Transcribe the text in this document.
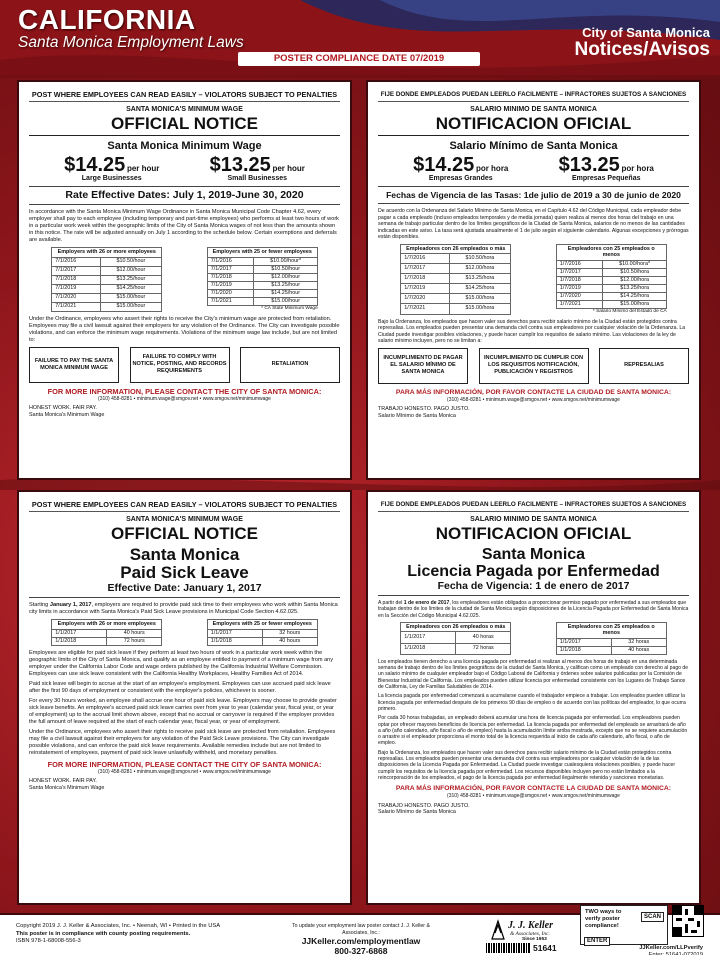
CALIFORNIA
Santa Monica Employment Laws
City of Santa Monica
Notices/Avisos
POSTER COMPLIANCE DATE 07/2019
POST WHERE EMPLOYEES CAN READ EASILY – VIOLATORS SUBJECT TO PENALTIES
SANTA MONICA'S MINIMUM WAGE
OFFICIAL NOTICE
Santa Monica Minimum Wage
$14.25 per hour
Large Businesses
$13.25 per hour
Small Businesses
Rate Effective Dates: July 1, 2019-June 30, 2020
In accordance with the Santa Monica Minimum Wage Ordinance in Santa Monica Municipal Code Chapter 4.62, every employer shall pay to each employee (including temporary and part-time employees) who performs at least two hours of work in a particular work week within the geographic limits of the City of Santa Monica wages of not less than the amounts shown in this notice. The rate will be adjusted annually on July 1 according to the schedule below. Certain exemptions and deferrals are available.
Employers with 26 or more employees	
7/1/2016	$10.50/hour
7/1/2017	$12.00/hour
7/1/2018	$13.25/hour
7/1/2019	$14.25/hour
7/1/2020	$15.00/hour
7/1/2021	$15.00/hour
Employers with 25 or fewer employees	
7/1/2016	$10.00/hour*
7/1/2017	$10.50/hour
7/1/2018	$12.00/hour
7/1/2019	$13.25/hour
7/1/2020	$14.25/hour
7/1/2021	$15.00/hour
* CA State Minimum Wage
Under the Ordinance, employees who assert their rights to receive the City's minimum wage are protected from retaliation. Employees may file a civil lawsuit against their employers for any violation of the Ordinance. The City can investigate possible violations, and can enforce the minimum wage requirements. Violations of the minimum wage law include, but are not limited to:
FAILURE TO PAY THE SANTA MONICA MINIMUM WAGE
FAILURE TO COMPLY WITH NOTICE, POSTING, AND RECORDS REQUIREMENTS
RETALIATION
FOR MORE INFORMATION, PLEASE CONTACT THE CITY OF SANTA MONICA:
(310) 458-8281 • minimum.wage@smgov.net • www.smgov.net/minimumwage
HONEST WORK. FAIR PAY.
Santa Monica's Minimum Wage
FIJE DONDE EMPLEADOS PUEDAN LEERLO FACILMENTE – INFRACTORES SUJETOS A SANCIONES
SALARIO MINIMO DE SANTA MONICA
NOTIFICACION OFICIAL
Salario Mínimo de Santa Monica
$14.25 por hora
Empresas Grandes
$13.25 por hora
Empresas Pequeñas
Fechas de Vigencia de las Tasas: 1de julio de 2019 a 30 de junio de 2020
De acuerdo con la Ordenanza del Salario Mínimo de Santa Monica, en el Capítulo 4.62 del Código Municipal, cada empleador debe pagar a cada empleado (incluso empleados temporales y de media jornada) quien realiza al menos dos horas del trabajo en una semana de trabajo particular dentro de los límites geográficos de la Ciudad de Santa Monica, salarios de no menos de las cantidades indicadas en este aviso. La tasa será ajustada anualmente el 1 de julio según el siguiente calendario. Algunas excepciones y prórrogas están disponibles.
Empleadores con 26 empleados o más	
1/7/2016	$10.50/hora
1/7/2017	$12.00/hora
1/7/2018	$13.25/hora
1/7/2019	$14.25/hora
1/7/2020	$15.00/hora
1/7/2021	$15.00/hora
Empleadores con 25 empleados o menos	
1/7/2016	$10.00/hora*
1/7/2017	$10.50/hora
1/7/2018	$12.00/hora
1/7/2019	$13.25/hora
1/7/2020	$14.25/hora
1/7/2021	$15.00/hora
* Salario Mínimo del Estado de CA
Bajo la Ordenanza, los empleados que hacen valer sus derechos para recibir salario mínimo de la Ciudad están protegidos contra represalias. Los empleados pueden presentar una demanda civil contra sus empleadores por cualquier violación de la Ordenanza. La Ciudad puede investigar posibles violaciones, y puede hacer cumplir los requisitos de salario mínimo. Las violaciones de la ley de salario mínimo incluyen, pero no se limitan a:
INCUMPLIMIENTO DE PAGAR EL SALARIO MÍNIMO DE SANTA MONICA
INCUMPLIMIENTO DE CUMPLIR CON LOS REQUISITOS NOTIFICACIÓN, PUBLICACIÓN Y REGISTROS
REPRESALIAS
PARA MÁS INFORMACIÓN, POR FAVOR CONTACTE LA CIUDAD DE SANTA MONICA:
(310) 458-8281 • minimum.wage@smgov.net • www.smgov.net/minimumwage
TRABAJO HONESTO. PAGO JUSTO.
Salario Mínimo de Santa Monica
POST WHERE EMPLOYEES CAN READ EASILY – VIOLATORS SUBJECT TO PENALTIES
SANTA MONICA'S MINIMUM WAGE
OFFICIAL NOTICE
Santa Monica
Paid Sick Leave
Effective Date: January 1, 2017
Starting January 1, 2017, employers are required to provide paid sick time to their employees who work within Santa Monica city limits in accordance with Santa Monica's Paid Sick Leave provisions in Municipal Code Section 4.62.025.
Employers with 26 or more employees	
1/1/2017	40 hours
1/1/2018	72 hours
Employers with 25 or fewer employees	
1/1/2017	32 hours
1/1/2018	40 hours
Employees are eligible for paid sick leave if they perform at least two hours of work in a particular work week within the geographic limits of the City of Santa Monica, and qualify as an employee entitled to payment of a minimum wage from any employer under the California Labor Code and wage orders published by the California Industrial Welfare Commission. Employees can use sick leave consistent with the California Healthy Workplaces, Healthy Families Act of 2014.
Paid sick leave will begin to accrue at the start of an employee's employment. Employees can use accrued paid sick leave after the first 90 days of employment or consistent with the employer's policies, whichever is sooner.
For every 30 hours worked, an employee shall accrue one hour of paid sick leave. Employers may choose to provide greater sick leave benefits. An employee's accrued paid sick leave carries over from year to year (calendar year, fiscal year, or year of employment) up to the accrual limit shown above, except that no accrual or carryover is required if the employer provides the full amount of leave required at the start of each calendar year, fiscal year, or year of employment.
Under the Ordinance, employees who assert their rights to receive paid sick leave are protected from retaliation. Employees may file a civil lawsuit against their employers for any violation of the Paid Sick Leave provisions. The City can investigate possible violations, and can enforce the paid sick leave requirements. Available remedies include but are not limited to reinstatement of employees, payment of paid sick leave unlawfully withheld, and monetary penalties.
FOR MORE INFORMATION, PLEASE CONTACT THE CITY OF SANTA MONICA:
(310) 458-8281 • minimum.wage@smgov.net • www.smgov.net/minimumwage
HONEST WORK. FAIR PAY.
Santa Monica's Minimum Wage
FIJE DONDE EMPLEADOS PUEDAN LEERLO FACILMENTE – INFRACTORES SUJETOS A SANCIONES
SALARIO MINIMO DE SANTA MONICA
NOTIFICACION OFICIAL
Santa Monica
Licencia Pagada por Enfermedad
Fecha de Vigencia: 1 de enero de 2017
A partir del 1 de enero de 2017, los empleadores están obligados a proporcionar permiso pagado por enfermedad a sus empleados que trabajan dentro de los límites de la ciudad de Santa Monica según disposiciones de la Licencia Pagada por Enfermedad de Santa Monica en la Sección del Código Municipal 4.62.025.
Empleadores con 26 empleados o más	
1/1/2017	40 horas
1/1/2018	72 horas
Empleadores con 25 empleados o menos	
1/1/2017	32 horas
1/1/2018	40 horas
Los empleados tienen derecho a una licencia pagada por enfermedad si realizan al menos dos horas de trabajo en una determinada semana de trabajo dentro de los límites geográficos de la ciudad de Santa Monica, y califican como un empleado con derecho al pago de un salario mínimo de cualquier empleador bajo el Código Laboral de California y órdenes sobre salarios publicadas por la Comisión de Bienestar Industrial de California. Los empleados pueden utilizar licencia por enfermedad consistente con los Lugares de Trabajo Sanos de California, Ley de Familias Saludables de 2014.
La licencia pagada por enfermedad comenzará a acumularse cuando el trabajador empiece a trabajar. Los empleados pueden utilizar la licencia pagada por enfermedad después de los primeros 90 días de empleo o de acuerdo con las políticas del empleador, lo que ocurra primero.
Por cada 30 horas trabajadas, un empleado deberá acumular una hora de licencia pagada por enfermedad. Los empleadores pueden optar por ofrecer mayores beneficios de licencia por enfermedad. La licencia pagada por enfermedad del empleado se arrastrará de año a año (año calendario, año fiscal o año de empleo) hasta la acumulación límite arriba mostrada, excepto que no se requiere acumulación o arrastre si el empleador proporciona el monto total de la licencia requerida al inicio de cada año calendario, año fiscal, o año de empleo.
Bajo la Ordenanza, los empleados que hacen valer sus derechos para recibir salario mínimo de la Ciudad están protegidos contra represalias. Los empleados pueden presentar una demanda civil contra sus empleadores por cualquier violación de la de las disposiciones de la Licencia Pagada por Enfermedad. La Ciudad puede investigar cualesquiera violaciones posibles, y puede hacer cumplir los requisitos de la licencia pagada por enfermedad. Los recursos disponibles incluyen pero no están limitados a la reincorporación de los empleados, el pago de la licencia pagada por enfermedad ilegalmente retenida y sanciones monetarias.
PARA MÁS INFORMACIÓN, POR FAVOR CONTACTE LA CIUDAD DE SANTA MONICA:
(310) 458-8281 • minimum.wage@smgov.net • www.smgov.net/minimumwage
TRABAJO HONESTO. PAGO JUSTO.
Salario Mínimo de Santa Monica
Copyright 2019 J. J. Keller & Associates, Inc. • Neenah, WI • Printed in the USA
This poster is in compliance with county posting requirements.
ISBN 978-1-68008-556-3
To update your employment law poster contact J. J. Keller & Associates, Inc.:
JJKeller.com/employmentlaw
800-327-6868
J. J. Keller
& Associates, Inc.
Since 1953
51641
TWO ways to verify poster compliance!
SCAN
ENTER
JJKeller.com/LLPverify
Enter: 51641-072019
